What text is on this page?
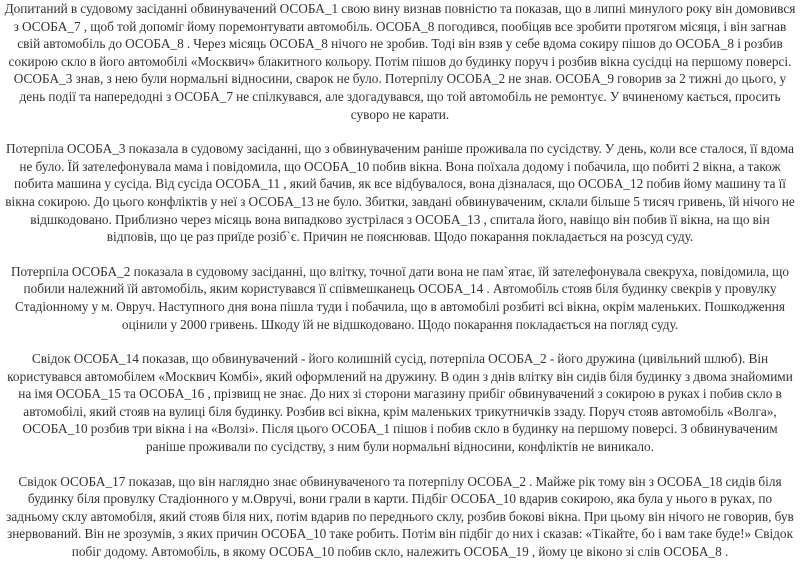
Допитаний в судовому засіданні обвинувачений ОСОБА_1 свою вину визнав повністю та показав, що в липні минулого року він домовився з ОСОБА_7 , щоб той допоміг йому поремонтувати автомобіль. ОСОБА_8 погодився, пообіцяв все зробити протягом місяця, і він загнав свій автомобіль до ОСОБА_8 . Через місяць ОСОБА_8 нічого не зробив. Тоді він взяв у себе вдома сокиру пішов до ОСОБА_8 і розбив сокирою скло в його автомобілі «Москвич» блакитного кольору. Потім пішов до будинку поруч і розбив вікна сусідці на першому поверсі. ОСОБА_3 знав, з нею були нормальні відносини, сварок не було. Потерпілу ОСОБА_2 не знав. ОСОБА_9 говорив за 2 тижні до цього, у день події та напередодні з ОСОБА_7 не спілкувався, але здогадувався, що той автомобіль не ремонтує. У вчиненому кається, просить суворо не карати.

Потерпіла ОСОБА_3 показала в судовому засіданні, що з обвинуваченим раніше проживала по сусідству. У день, коли все сталося, її вдома не було. Їй зателефонувала мама і повідомила, що ОСОБА_10 побив вікна. Вона поїхала додому і побачила, що побиті 2 вікна, а також побита машина у сусіда. Від сусіда ОСОБА_11 , який бачив, як все відбувалося, вона дізналася, що ОСОБА_12 побив йому машину та її вікна сокирою. До цього конфліктів у неї з ОСОБА_13 не було. Збитки, завдані обвинуваченим, склали більше 5 тисяч гривень, їй нічого не відшкодовано. Приблизно через місяць вона випадково зустрілася з ОСОБА_13 , спитала його, навіщо він побив її вікна, на що він відповів, що це раз приїде розіб`є. Причин не пояснював. Щодо покарання покладається на розсуд суду.

Потерпіла ОСОБА_2 показала в судовому засіданні, що влітку, точної дати вона не пам`ятає, їй зателефонувала свекруха, повідомила, що побили належний їй автомобіль, яким користувався її співмешканець ОСОБА_14 . Автомобіль стояв біля будинку свекрів у провулку Стадіонному у м. Овруч. Наступного дня вона пішла туди і побачила, що в автомобілі розбиті всі вікна, окрім маленьких. Пошкодження оцінили у 2000 гривень. Шкоду їй не відшкодовано. Щодо покарання покладається на погляд суду.

Свідок ОСОБА_14 показав, що обвинувачений - його колишній сусід, потерпіла ОСОБА_2 - його дружина (цивільний шлюб). Він користувався автомобілем «Москвич Комбі», який оформлений на дружину. В один з днів влітку він сидів біля будинку з двома знайомими на імя ОСОБА_15 та ОСОБА_16 , прізвищ не знає. До них зі сторони магазину прибіг обвинувачений з сокирою в руках і побив скло в автомобілі, який стояв на вулиці біля будинку. Розбив всі вікна, крім маленьких трикутничків ззаду. Поруч стояв автомобіль «Волга», ОСОБА_10 розбив три вікна і на «Волзі». Після цього ОСОБА_1 пішов і побив скло в будинку на першому поверсі. З обвинуваченим раніше проживали по сусідству, з ним були нормальні відносини, конфліктів не виникало.

Свідок ОСОБА_17 показав, що він наглядно знає обвинуваченого та потерпілу ОСОБА_2 . Майже рік тому він з ОСОБА_18 сидів біля будинку біля провулку Стадіонного у м.Овручі, вони грали в карти. Підбіг ОСОБА_10 вдарив сокирою, яка була у нього в руках, по задньому склу автомобіля, який стояв біля них, потім вдарив по переднього склу, розбив бокові вікна. При цьому він нічого не говорив, був знервований. Він не зрозумів, з яких причин ОСОБА_10 таке робить. Потім він підбіг до них і сказав: «Тікайте, бо і вам таке буде!» Свідок побіг додому. Автомобіль, в якому ОСОБА_10 побив скло, належить ОСОБА_19 , йому це віконо зі слів ОСОБА_8 .
